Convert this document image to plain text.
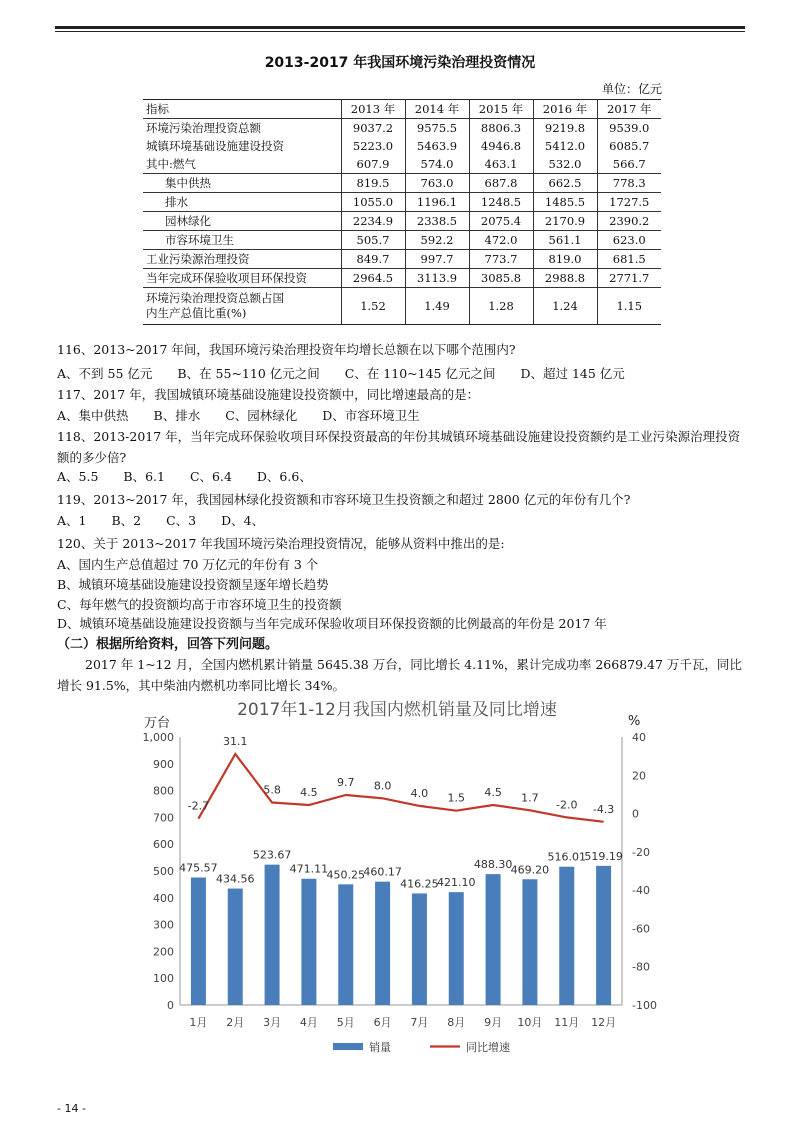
2013-2017 年我国环境污染治理投资情况
单位：亿元
指标	2013 年	2014 年	2015 年	2016 年	2017 年
环境污染治理投资总额	9037.2	9575.5	8806.3	9219.8	9539.0
城镇环境基础设施建设投资	5223.0	5463.9	4946.8	5412.0	6085.7
其中:燃气	607.9	574.0	463.1	532.0	566.7
集中供热	819.5	763.0	687.8	662.5	778.3
排水	1055.0	1196.1	1248.5	1485.5	1727.5
园林绿化	2234.9	2338.5	2075.4	2170.9	2390.2
市容环境卫生	505.7	592.2	472.0	561.1	623.0
工业污染源治理投资	849.7	997.7	773.7	819.0	681.5
当年完成环保验收项目环保投资	2964.5	3113.9	3085.8	2988.8	2771.7
环境污染治理投资总额占国
内生产总值比重(%)	1.52	1.49	1.28	1.24	1.15
116、2013~2017 年间，我国环境污染治理投资年均增长总额在以下哪个范围内?
A、不到 55 亿元　　B、在 55~110 亿元之间　　C、在 110~145 亿元之间　　D、超过 145 亿元
117、2017 年，我国城镇环境基础设施建设投资额中，同比增速最高的是：
A、集中供热　　B、排水　　C、园林绿化　　D、市容环境卫生
118、2013-2017 年，当年完成环保验收项目环保投资最高的年份其城镇环境基础设施建设投资额约是工业污染源治理投资额的多少倍?
A、5.5　　B、6.1　　C、6.4　　D、6.6、
119、2013~2017 年，我国园林绿化投资额和市容环境卫生投资额之和超过 2800 亿元的年份有几个?
A、1　　B、2　　C、3　　D、4、
120、关于 2013~2017 年我国环境污染治理投资情况，能够从资料中推出的是:
A、国内生产总值超过 70 万亿元的年份有 3 个
B、城镇环境基础设施建设投资额呈逐年增长趋势
C、每年燃气的投资额均高于市容环境卫生的投资额
D、城镇环境基础设施建设投资额与当年完成环保验收项目环保投资额的比例最高的年份是 2017 年
（二）根据所给资料，回答下列问题。
2017 年 1~12 月，全国内燃机累计销量 5645.38 万台，同比增长 4.11%，累计完成功率 266879.47 万千瓦，同比增长 91.5%，其中柴油内燃机功率同比增长 34%。
2017年1-12月我国内燃机销量及同比增速
万台	%
0
100
200
300
400
500
600
700
800
900
1,000
-100
-80
-60
-40
-20
0
20
40
475.57
434.56
523.67
471.11
450.25
460.17
416.25
421.10
488.30
469.20
516.01
519.19
-2.7
31.1
5.8 4.5
9.7 8.0
4.0 1.5 4.5 1.7
-2.0 -4.3
1月 2月 3月 4月 5月 6月 7月 8月 9月 10月 11月 12月
销量	同比增速
- 14 -
